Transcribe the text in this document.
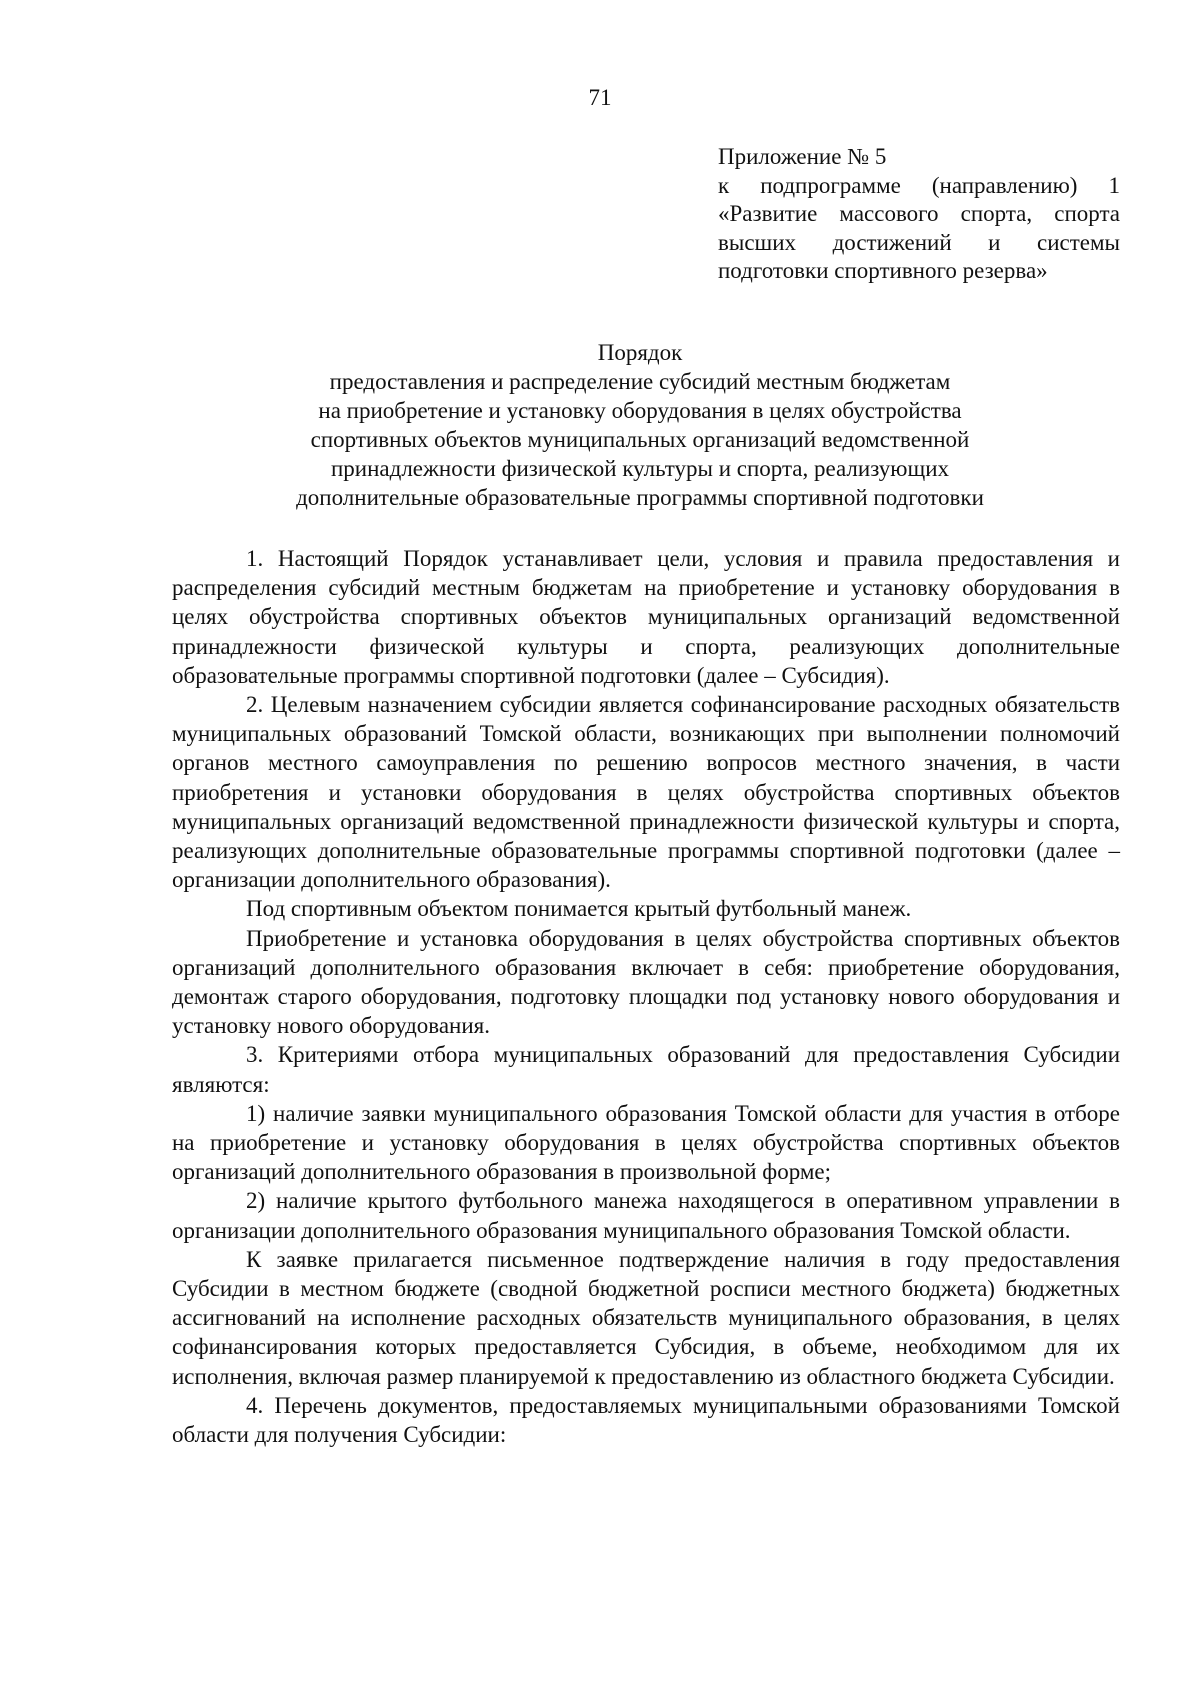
71
Приложение № 5
к подпрограмме (направлению) 1
«Развитие массового спорта, спорта
высших достижений и системы
подготовки спортивного резерва»
Порядок
предоставления и распределение субсидий местным бюджетам
на приобретение и установку оборудования в целях обустройства
спортивных объектов муниципальных организаций ведомственной
принадлежности физической культуры и спорта, реализующих
дополнительные образовательные программы спортивной подготовки

1. Настоящий Порядок устанавливает цели, условия и правила предоставления и распределения субсидий местным бюджетам на приобретение и установку оборудования в целях обустройства спортивных объектов муниципальных организаций ведомственной принадлежности физической культуры и спорта, реализующих дополнительные образовательные программы спортивной подготовки (далее – Субсидия).

2. Целевым назначением субсидии является софинансирование расходных обязательств муниципальных образований Томской области, возникающих при выполнении полномочий органов местного самоуправления по решению вопросов местного значения, в части приобретения и установки оборудования в целях обустройства спортивных объектов муниципальных организаций ведомственной принадлежности физической культуры и спорта, реализующих дополнительные образовательные программы спортивной подготовки (далее – организации дополнительного образования).

Под спортивным объектом понимается крытый футбольный манеж.

Приобретение и установка оборудования в целях обустройства спортивных объектов организаций дополнительного образования включает в себя: приобретение оборудования, демонтаж старого оборудования, подготовку площадки под установку нового оборудования и установку нового оборудования.

3. Критериями отбора муниципальных образований для предоставления Субсидии являются:

1) наличие заявки муниципального образования Томской области для участия в отборе на приобретение и установку оборудования в целях обустройства спортивных объектов организаций дополнительного образования в произвольной форме;

2) наличие крытого футбольного манежа находящегося в оперативном управлении в организации дополнительного образования муниципального образования Томской области.

К заявке прилагается письменное подтверждение наличия в году предоставления Субсидии в местном бюджете (сводной бюджетной росписи местного бюджета) бюджетных ассигнований на исполнение расходных обязательств муниципального образования, в целях софинансирования которых предоставляется Субсидия, в объеме, необходимом для их исполнения, включая размер планируемой к предоставлению из областного бюджета Субсидии.

4. Перечень документов, предоставляемых муниципальными образованиями Томской области для получения Субсидии:
